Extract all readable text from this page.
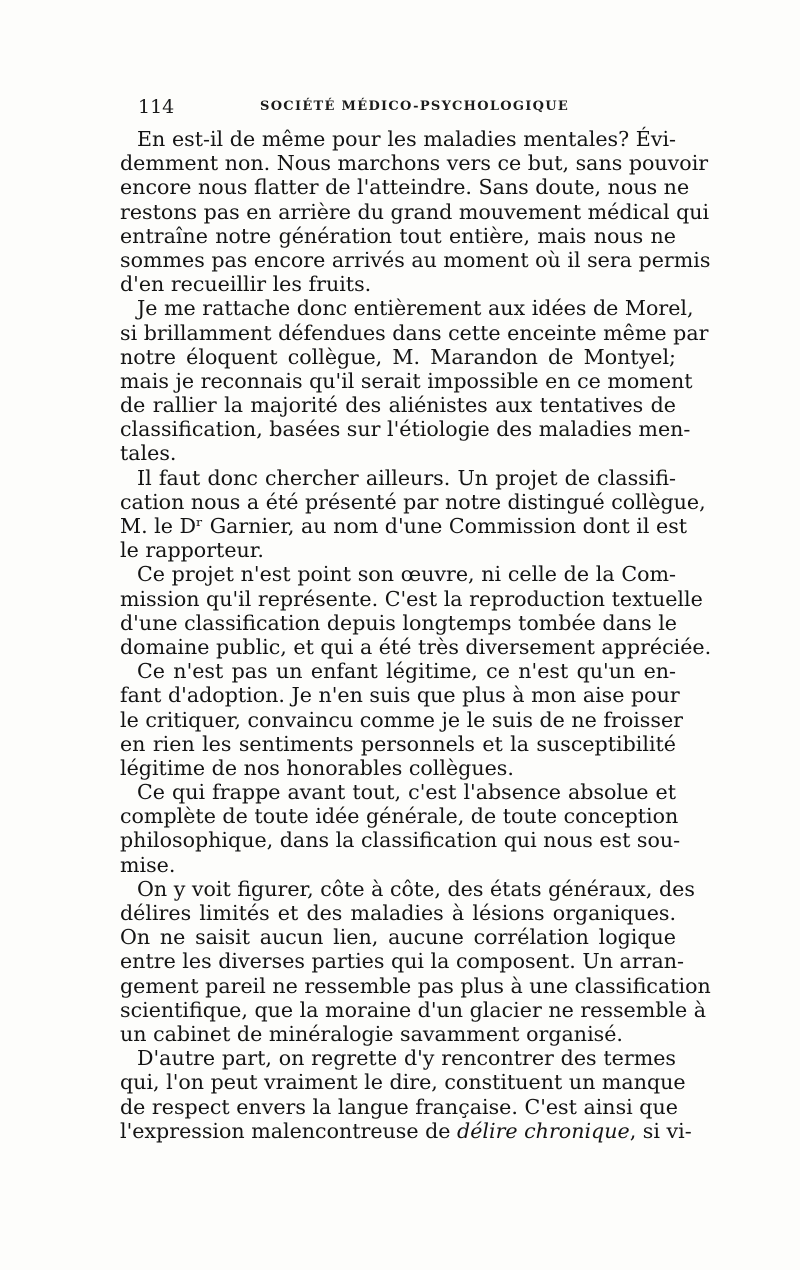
114	SOCIÉTÉ MÉDICO-PSYCHOLOGIQUE
En est-il de même pour les maladies mentales? Évi-
demment non. Nous marchons vers ce but, sans pouvoir
encore nous flatter de l'atteindre. Sans doute, nous ne
restons pas en arrière du grand mouvement médical qui
entraîne notre génération tout entière, mais nous ne
sommes pas encore arrivés au moment où il sera permis
d'en recueillir les fruits.
Je me rattache donc entièrement aux idées de Morel,
si brillamment défendues dans cette enceinte même par
notre éloquent collègue, M. Marandon de Montyel;
mais je reconnais qu'il serait impossible en ce moment
de rallier la majorité des aliénistes aux tentatives de
classification, basées sur l'étiologie des maladies men-
tales.
Il faut donc chercher ailleurs. Un projet de classifi-
cation nous a été présenté par notre distingué collègue,
M. le Dʳ Garnier, au nom d'une Commission dont il est
le rapporteur.
Ce projet n'est point son œuvre, ni celle de la Com-
mission qu'il représente. C'est la reproduction textuelle
d'une classification depuis longtemps tombée dans le
domaine public, et qui a été très diversement appréciée.
Ce n'est pas un enfant légitime, ce n'est qu'un en-
fant d'adoption. Je n'en suis que plus à mon aise pour
le critiquer, convaincu comme je le suis de ne froisser
en rien les sentiments personnels et la susceptibilité
légitime de nos honorables collègues.
Ce qui frappe avant tout, c'est l'absence absolue et
complète de toute idée générale, de toute conception
philosophique, dans la classification qui nous est sou-
mise.
On y voit figurer, côte à côte, des états généraux, des
délires limités et des maladies à lésions organiques.
On ne saisit aucun lien, aucune corrélation logique
entre les diverses parties qui la composent. Un arran-
gement pareil ne ressemble pas plus à une classification
scientifique, que la moraine d'un glacier ne ressemble à
un cabinet de minéralogie savamment organisé.
D'autre part, on regrette d'y rencontrer des termes
qui, l'on peut vraiment le dire, constituent un manque
de respect envers la langue française. C'est ainsi que
l'expression malencontreuse de délire chronique, si vi-
